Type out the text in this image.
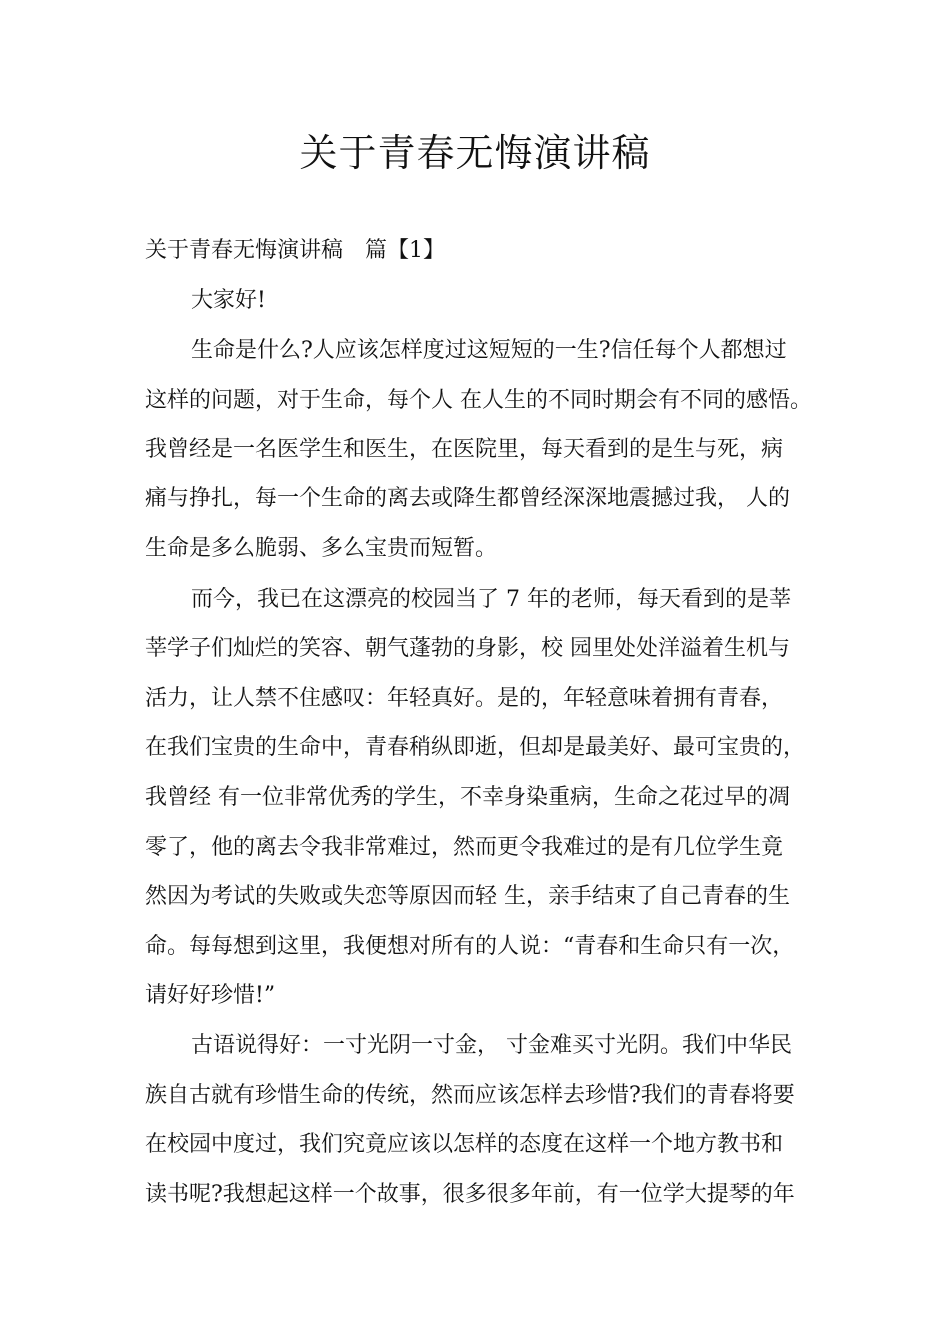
关于青春无悔演讲稿

关于青春无悔演讲稿　篇【1】

大家好!

生命是什么?人应该怎样度过这短短的一生?信任每个人都想过

这样的问题，对于生命，每个人 在人生的不同时期会有不同的感悟。

我曾经是一名医学生和医生，在医院里，每天看到的是生与死，病

痛与挣扎，每一个生命的离去或降生都曾经深深地震撼过我， 人的

生命是多么脆弱、多么宝贵而短暂。

而今，我已在这漂亮的校园当了 7 年的老师，每天看到的是莘

莘学子们灿烂的笑容、朝气蓬勃的身影，校 园里处处洋溢着生机与

活力，让人禁不住感叹：年轻真好。是的，年轻意味着拥有青春，

在我们宝贵的生命中，青春稍纵即逝，但却是最美好、最可宝贵的，

我曾经 有一位非常优秀的学生，不幸身染重病，生命之花过早的凋

零了，他的离去令我非常难过，然而更令我难过的是有几位学生竟

然因为考试的失败或失恋等原因而轻 生，亲手结束了自己青春的生

命。每每想到这里，我便想对所有的人说：“青春和生命只有一次，

请好好珍惜!”

古语说得好：一寸光阴一寸金， 寸金难买寸光阴。我们中华民

族自古就有珍惜生命的传统，然而应该怎样去珍惜?我们的青春将要

在校园中度过，我们究竟应该以怎样的态度在这样一个地方教书和

读书呢?我想起这样一个故事，很多很多年前，有一位学大提琴的年
